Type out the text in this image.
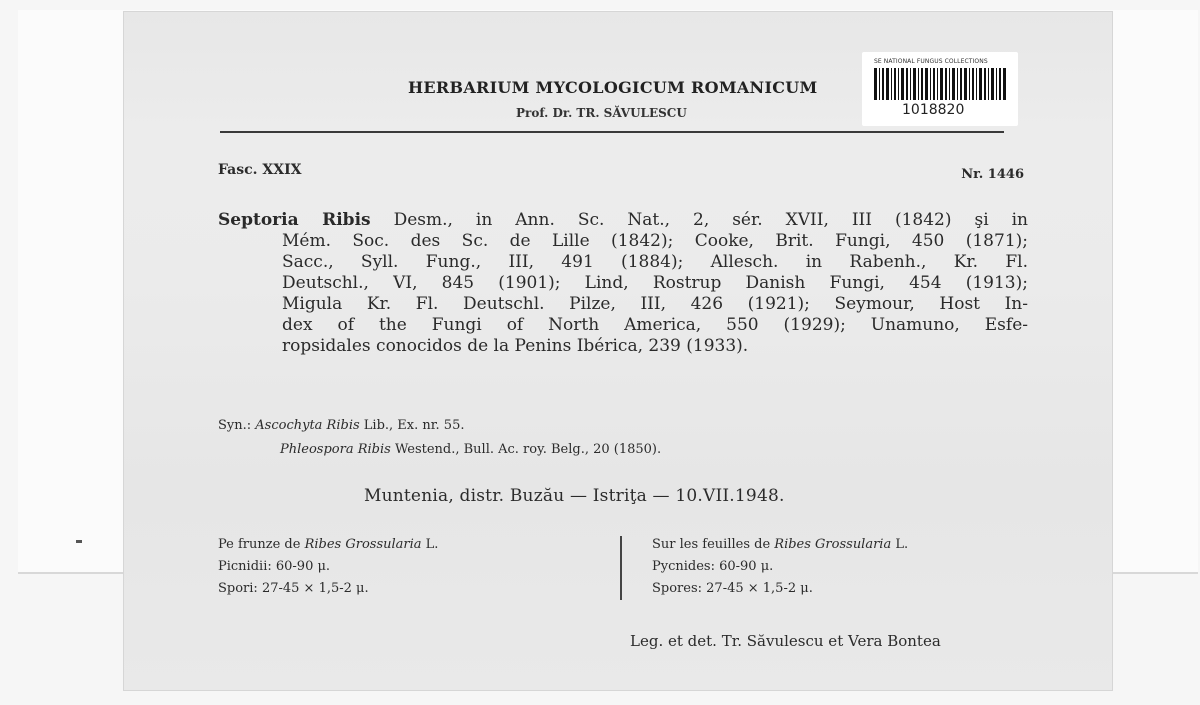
HERBARIUM MYCOLOGICUM ROMANICUM
Prof. Dr. TR. SĂVULESCU
SE NATIONAL FUNGUS COLLECTIONS
1018820
Fasc. XXIX	Nr. 1446
Septoria Ribis Desm., in Ann. Sc. Nat., 2, sér. XVII, III (1842) şi in
Mém. Soc. des Sc. de Lille (1842); Cooke, Brit. Fungi, 450 (1871);
Sacc., Syll. Fung., III, 491 (1884); Allesch. in Rabenh., Kr. Fl.
Deutschl., VI, 845 (1901); Lind, Rostrup Danish Fungi, 454 (1913);
Migula Kr. Fl. Deutschl. Pilze, III, 426 (1921); Seymour, Host In-
dex of the Fungi of North America, 550 (1929); Unamuno, Esfe-
ropsidales conocidos de la Penins Ibérica, 239 (1933).
Syn.: Ascochyta Ribis Lib., Ex. nr. 55.
Phleospora Ribis Westend., Bull. Ac. roy. Belg., 20 (1850).
Muntenia, distr. Buzău — Istriţa — 10.VII.1948.
Pe frunze de Ribes Grossularia L.
Picnidii: 60-90 μ.
Spori: 27-45 × 1,5-2 μ.
Sur les feuilles de Ribes Grossularia L.
Pycnides: 60-90 μ.
Spores: 27-45 × 1,5-2 μ.
Leg. et det. Tr. Săvulescu et Vera Bontea
